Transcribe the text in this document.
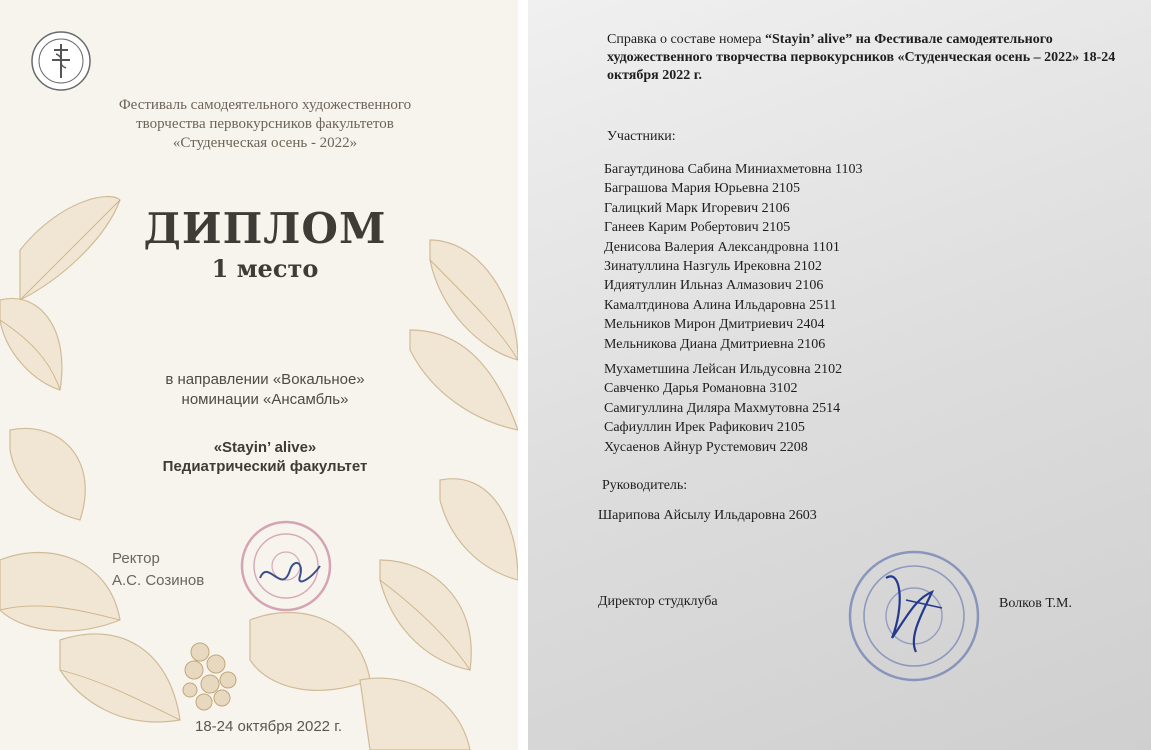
Фестиваль самодеятельного художественного
творчества первокурсников факультетов
«Студенческая осень - 2022»
ДИПЛОМ
1 место
в направлении «Вокальное»
номинации «Ансамбль»
«Stayin’ alive»
Педиатрический факультет
Ректор
А.С. Созинов
18-24 октября 2022 г.
Справка о составе номера “Stayin’ alive” на Фестивале самодеятельного художественного творчества первокурсников «Студенческая осень – 2022» 18-24 октября 2022 г.
Участники:
Багаутдинова Сабина Миниахметовна 1103
Баграшова Мария Юрьевна 2105
Галицкий Марк Игоревич 2106
Ганеев Карим Робертович 2105
Денисова Валерия Александровна 1101
Зинатуллина Назгуль Ирековна 2102
Идиятуллин Ильназ Алмазович 2106
Камалтдинова Алина Ильдаровна 2511
Мельников Мирон Дмитриевич 2404
Мельникова Диана Дмитриевна 2106
Мухаметшина Лейсан Ильдусовна 2102
Савченко Дарья Романовна 3102
Самигуллина Диляра Махмутовна 2514
Сафиуллин Ирек Рафикович 2105
Хусаенов Айнур Рустемович 2208
Руководитель:
Шарипова Айсылу Ильдаровна 2603
Директор студклуба	Волков Т.М.
